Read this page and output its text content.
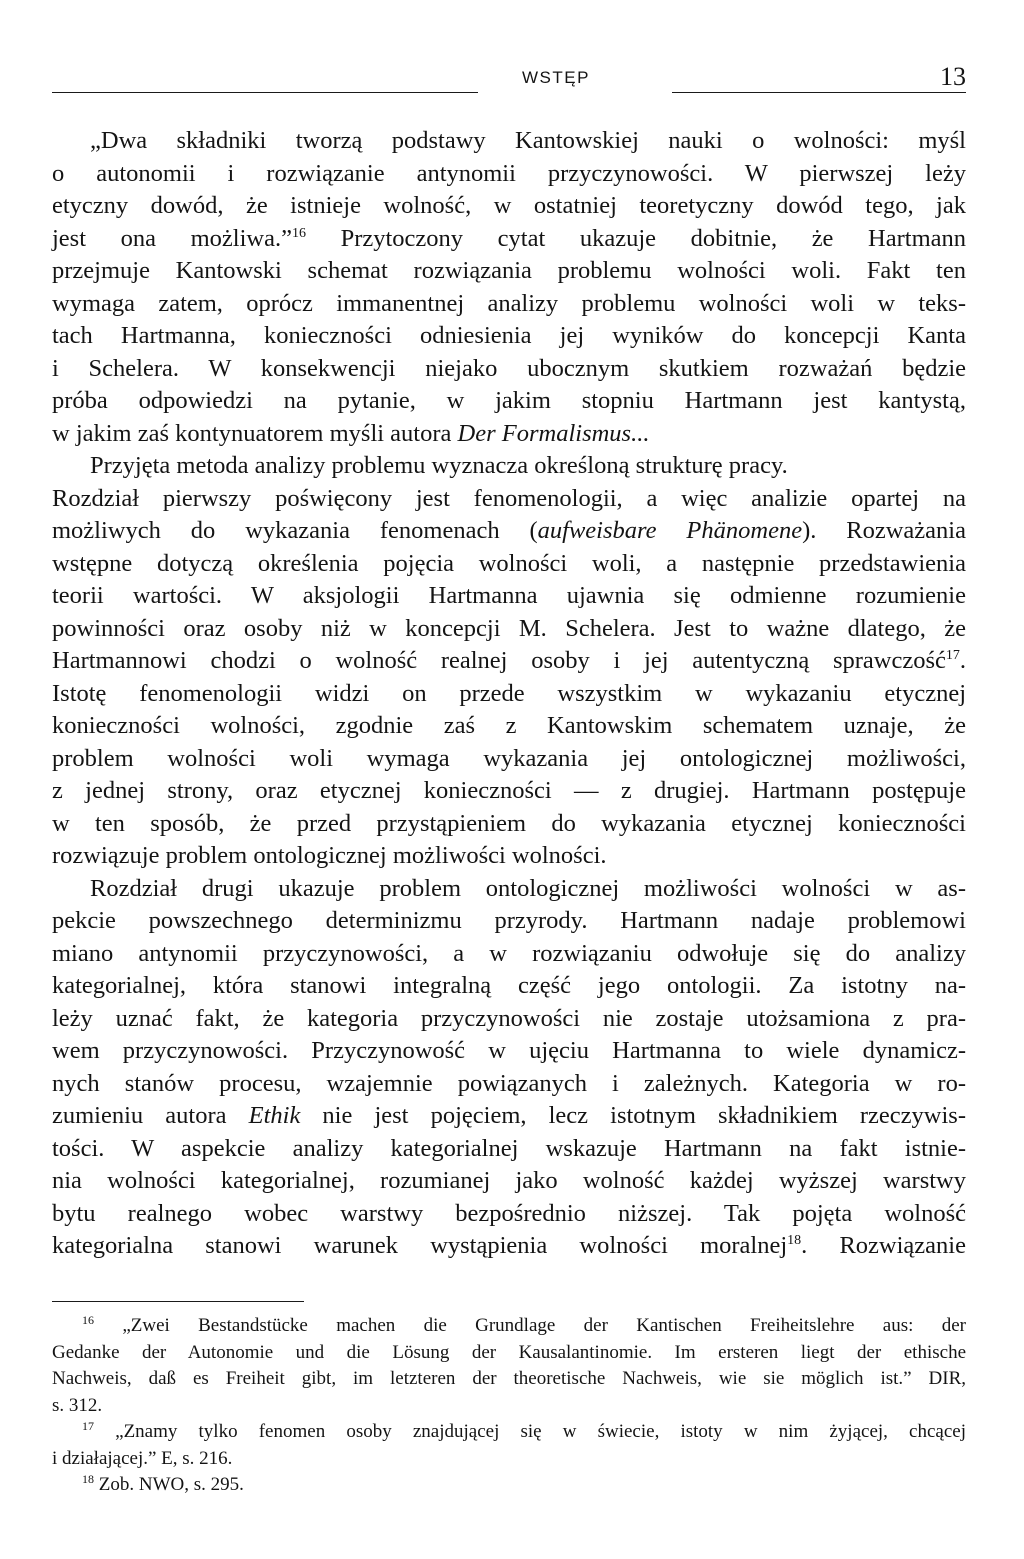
WSTĘP	13
„Dwa składniki tworzą podstawy Kantowskiej nauki o wolności: myśl
o autonomii i rozwiązanie antynomii przyczynowości. W pierwszej leży
etyczny dowód, że istnieje wolność, w ostatniej teoretyczny dowód tego, jak
jest ona możliwa.”$^{16}$ Przytoczony cytat ukazuje dobitnie, że Hartmann
przejmuje Kantowski schemat rozwiązania problemu wolności woli. Fakt ten
wymaga zatem, oprócz immanentnej analizy problemu wolności woli w teks-
tach Hartmanna, konieczności odniesienia jej wyników do koncepcji Kanta
i Schelera. W konsekwencji niejako ubocznym skutkiem rozważań będzie
próba odpowiedzi na pytanie, w jakim stopniu Hartmann jest kantystą,
w jakim zaś kontynuatorem myśli autora Der Formalismus...
Przyjęta metoda analizy problemu wyznacza określoną strukturę pracy.
Rozdział pierwszy poświęcony jest fenomenologii, a więc analizie opartej na
możliwych do wykazania fenomenach (aufweisbare Phänomene). Rozważania
wstępne dotyczą określenia pojęcia wolności woli, a następnie przedstawienia
teorii wartości. W aksjologii Hartmanna ujawnia się odmienne rozumienie
powinności oraz osoby niż w koncepcji M. Schelera. Jest to ważne dlatego, że
Hartmannowi chodzi o wolność realnej osoby i jej autentyczną sprawczość$^{17}$.
Istotę fenomenologii widzi on przede wszystkim w wykazaniu etycznej
konieczności wolności, zgodnie zaś z Kantowskim schematem uznaje, że
problem wolności woli wymaga wykazania jej ontologicznej możliwości,
z jednej strony, oraz etycznej konieczności — z drugiej. Hartmann postępuje
w ten sposób, że przed przystąpieniem do wykazania etycznej konieczności
rozwiązuje problem ontologicznej możliwości wolności.
Rozdział drugi ukazuje problem ontologicznej możliwości wolności w as-
pekcie powszechnego determinizmu przyrody. Hartmann nadaje problemowi
miano antynomii przyczynowości, a w rozwiązaniu odwołuje się do analizy
kategorialnej, która stanowi integralną część jego ontologii. Za istotny na-
leży uznać fakt, że kategoria przyczynowości nie zostaje utożsamiona z pra-
wem przyczynowości. Przyczynowość w ujęciu Hartmanna to wiele dynamicz-
nych stanów procesu, wzajemnie powiązanych i zależnych. Kategoria w ro-
zumieniu autora Ethik nie jest pojęciem, lecz istotnym składnikiem rzeczywis-
tości. W aspekcie analizy kategorialnej wskazuje Hartmann na fakt istnie-
nia wolności kategorialnej, rozumianej jako wolność każdej wyższej warstwy
bytu realnego wobec warstwy bezpośrednio niższej. Tak pojęta wolność
kategorialna stanowi warunek wystąpienia wolności moralnej$^{18}$. Rozwiązanie
$^{16}$ „Zwei Bestandstücke machen die Grundlage der Kantischen Freiheitslehre aus: der
Gedanke der Autonomie und die Lösung der Kausalantinomie. Im ersteren liegt der ethische
Nachweis, daß es Freiheit gibt, im letzteren der theoretische Nachweis, wie sie möglich ist.” DIR,
s. 312.
$^{17}$ „Znamy tylko fenomen osoby znajdującej się w świecie, istoty w nim żyjącej, chcącej
i działającej.” E, s. 216.
$^{18}$ Zob. NWO, s. 295.
